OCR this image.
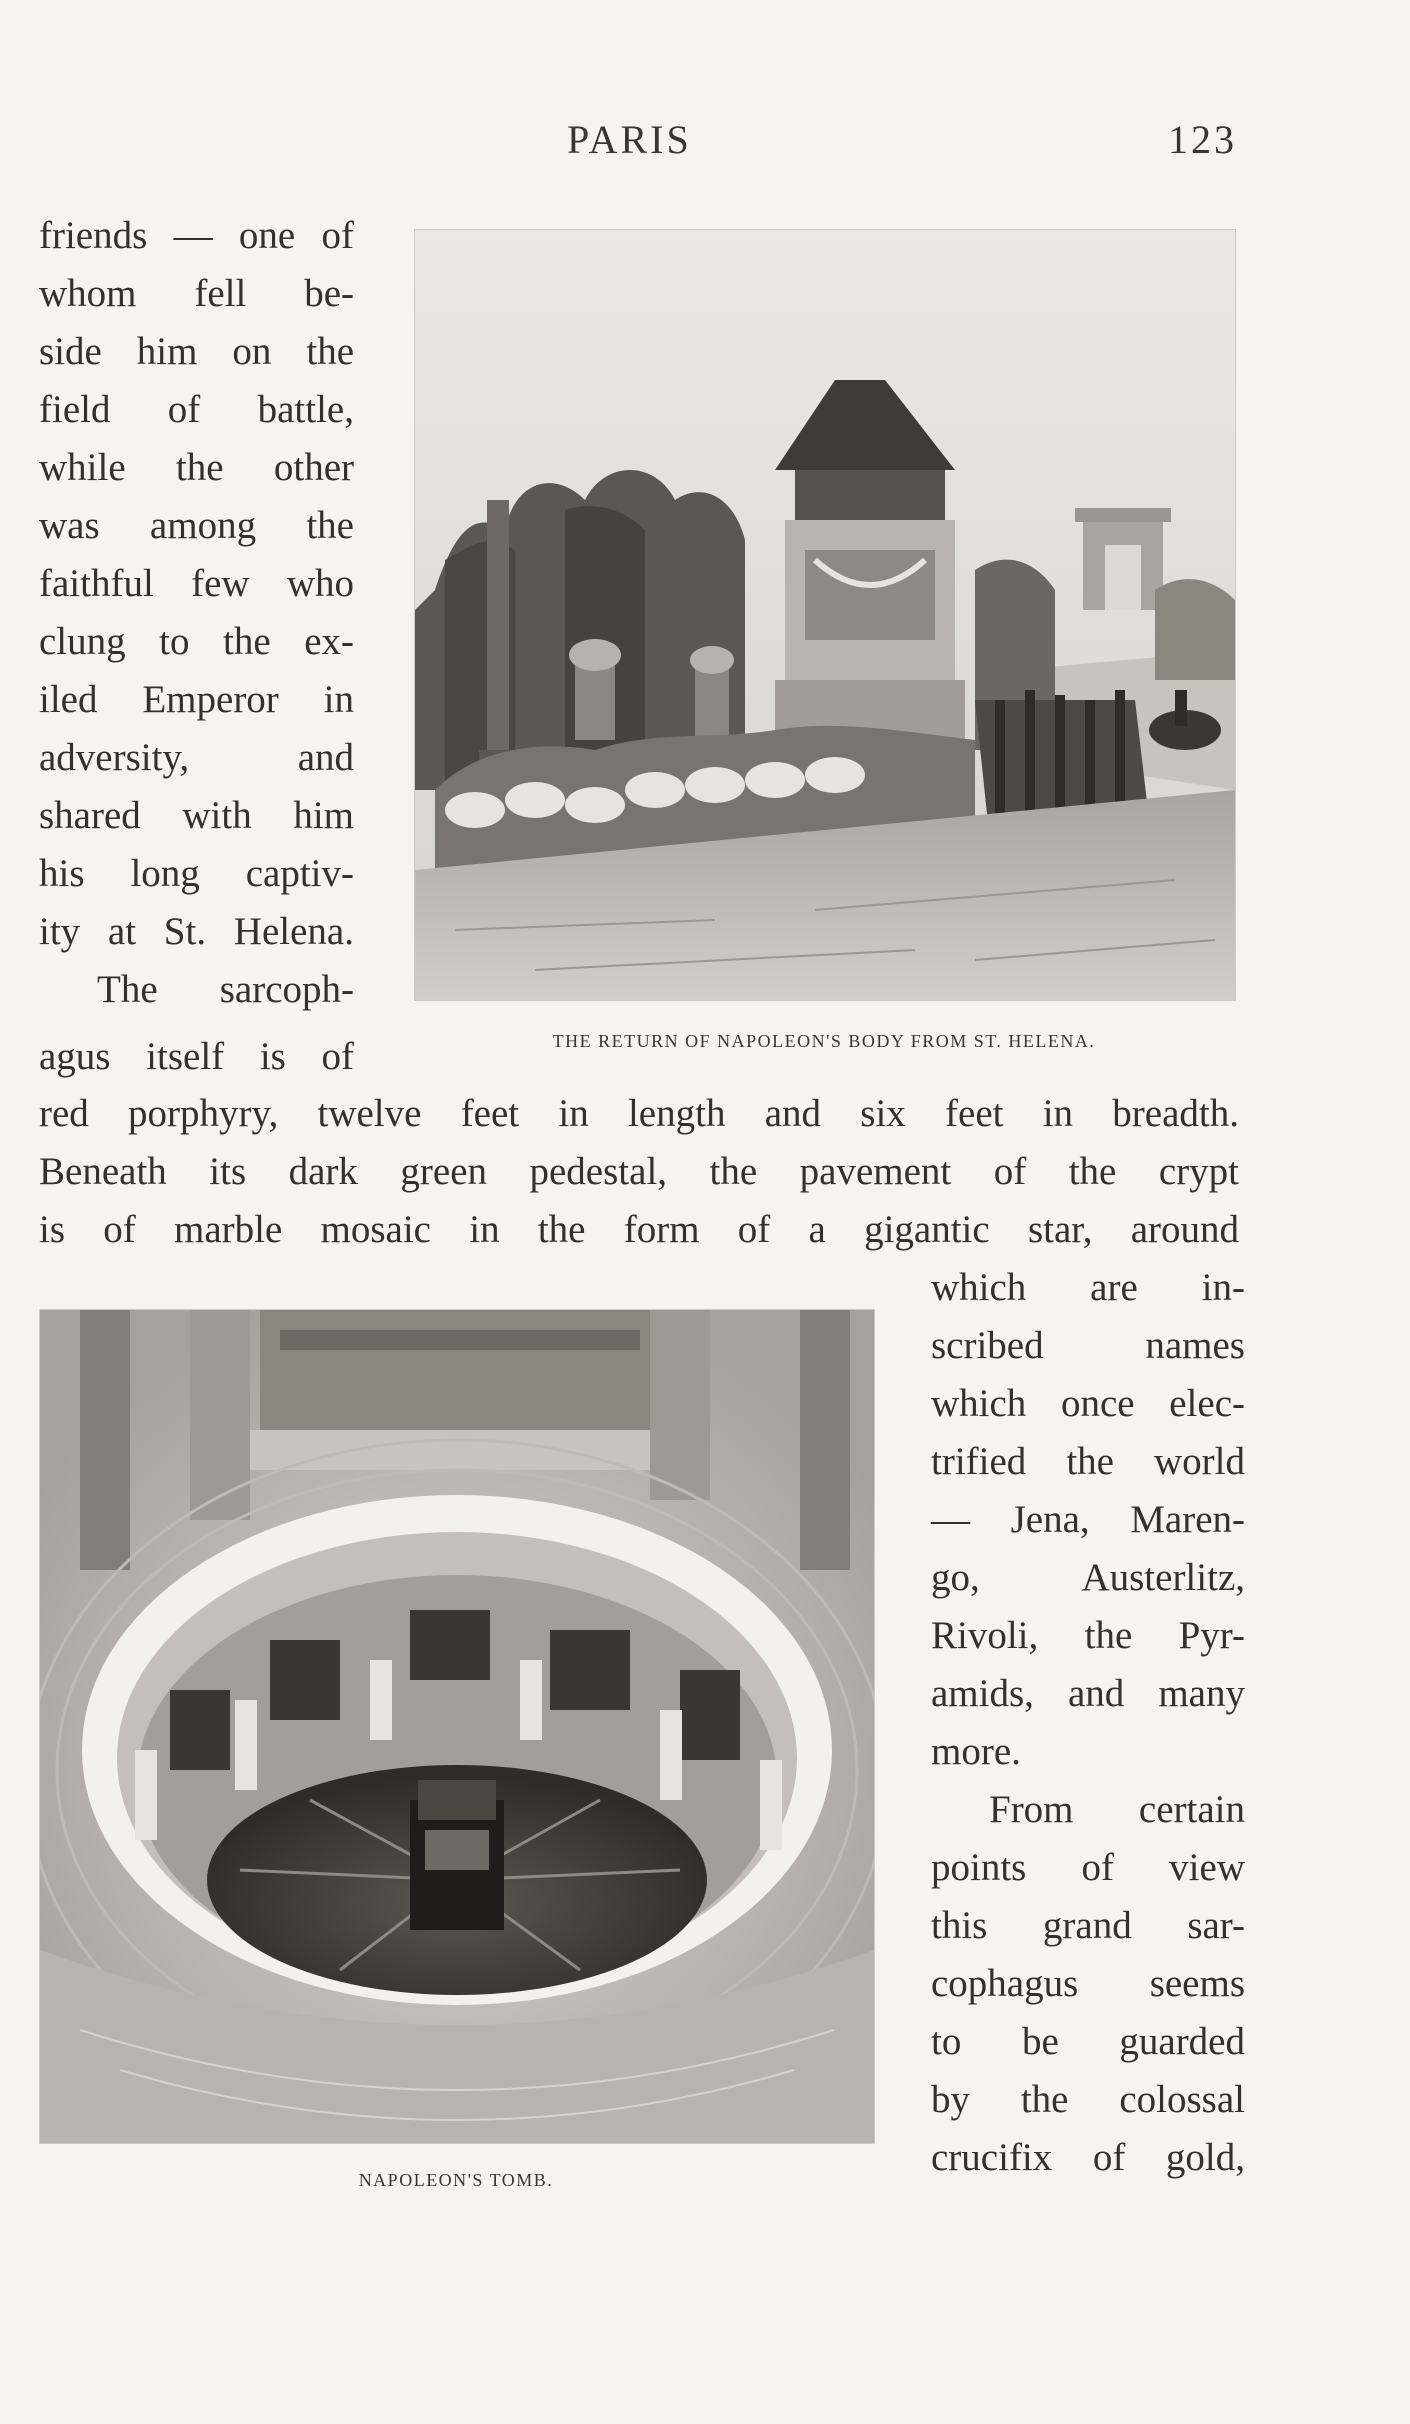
PARIS	123

friends — one of

whom fell be-

side him on the

field of battle,

while the other

was among the

faithful few who

clung to the ex-

iled Emperor in

adversity, and

shared with him

his long captiv-

ity at St. Helena.

The sarcoph-

agus itself is of	THE RETURN OF NAPOLEON'S BODY FROM ST. HELENA.

red porphyry, twelve feet in length and six feet in breadth.

Beneath its dark green pedestal, the pavement of the crypt

is of marble mosaic in the form of a gigantic star, around

NAPOLEON'S TOMB.

which are in-

scribed names

which once elec-

trified the world

— Jena, Maren-

go, Austerlitz,

Rivoli, the Pyr-

amids, and many

more.

From certain

points of view

this grand sar-

cophagus seems

to be guarded

by the colossal

crucifix of gold,
